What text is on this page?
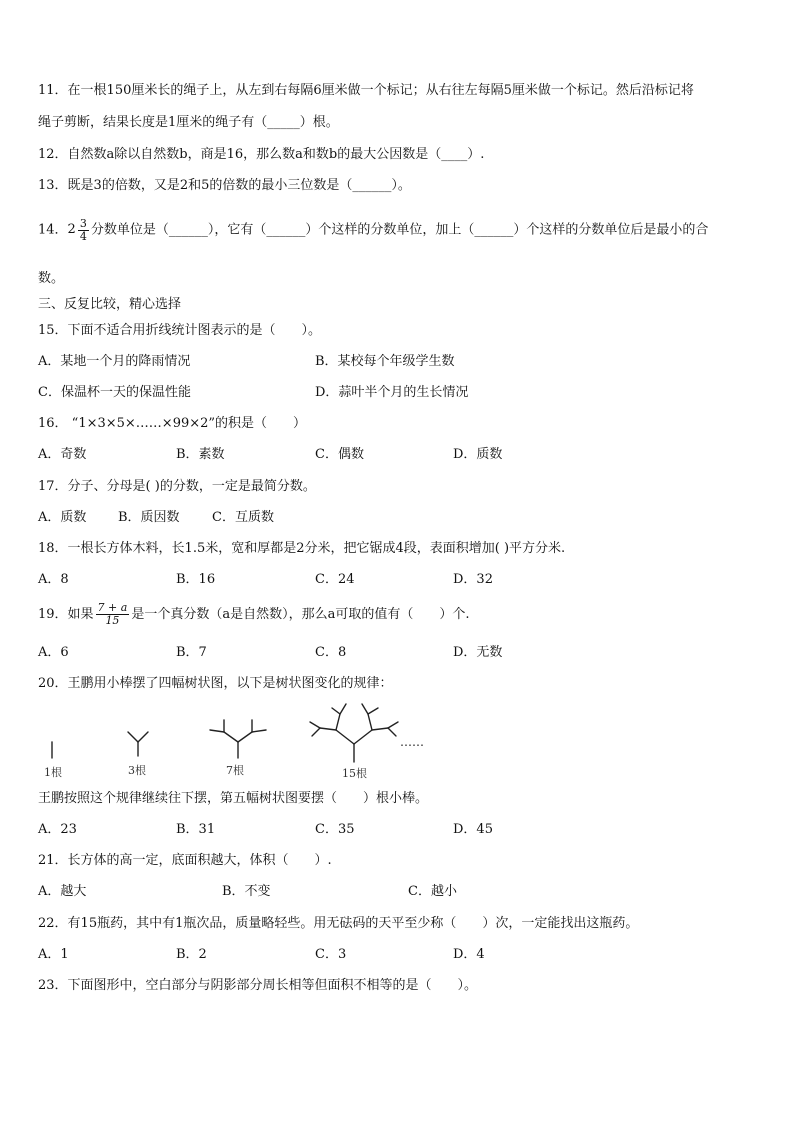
11．在一根150厘米长的绳子上，从左到右每隔6厘米做一个标记；从右往左每隔5厘米做一个标记。然后沿标记将
绳子剪断，结果长度是1厘米的绳子有（_____）根。
12．自然数a除以自然数b，商是16，那么数a和数b的最大公因数是（____）.
13．既是3的倍数，又是2和5的倍数的最小三位数是（______）。
14．$2 \frac{3}{4}$ 分数单位是（______），它有（______）个这样的分数单位，加上（______）个这样的分数单位后是最小的合
数。
三、反复比较，精心选择
15．下面不适合用折线统计图表示的是（　　）。
A．某地一个月的降雨情况	B．某校每个年级学生数
C．保温杯一天的保温性能	D．蒜叶半个月的生长情况
16． “1×3×5×……×99×2”的积是（　　）
A．奇数	B．素数	C．偶数	D．质数
17．分子、分母是( )的分数，一定是最简分数。
A．质数 B．质因数 C．互质数
18．一根长方体木料，长1.5米，宽和厚都是2分米，把它锯成4段，表面积增加( )平方分米.
A．8	B．16	C．24	D．32
19．如果 $\frac{7 + a}{15}$ 是一个真分数（a是自然数），那么a可取的值有（　　）个.
A．6	B．7	C．8	D．无数
20．王鹏用小棒摆了四幅树状图，以下是树状图变化的规律：
1根	3根	7根	15根
……
王鹏按照这个规律继续往下摆，第五幅树状图要摆（　　）根小棒。
A．23	B．31	C．35	D．45
21．长方体的高一定，底面积越大，体积（　　）.
A．越大	B．不变	C．越小
22．有15瓶药，其中有1瓶次品，质量略轻些。用无砝码的天平至少称（　　）次，一定能找出这瓶药。
A．1	B．2	C．3	D．4
23．下面图形中，空白部分与阴影部分周长相等但面积不相等的是（　　）。
